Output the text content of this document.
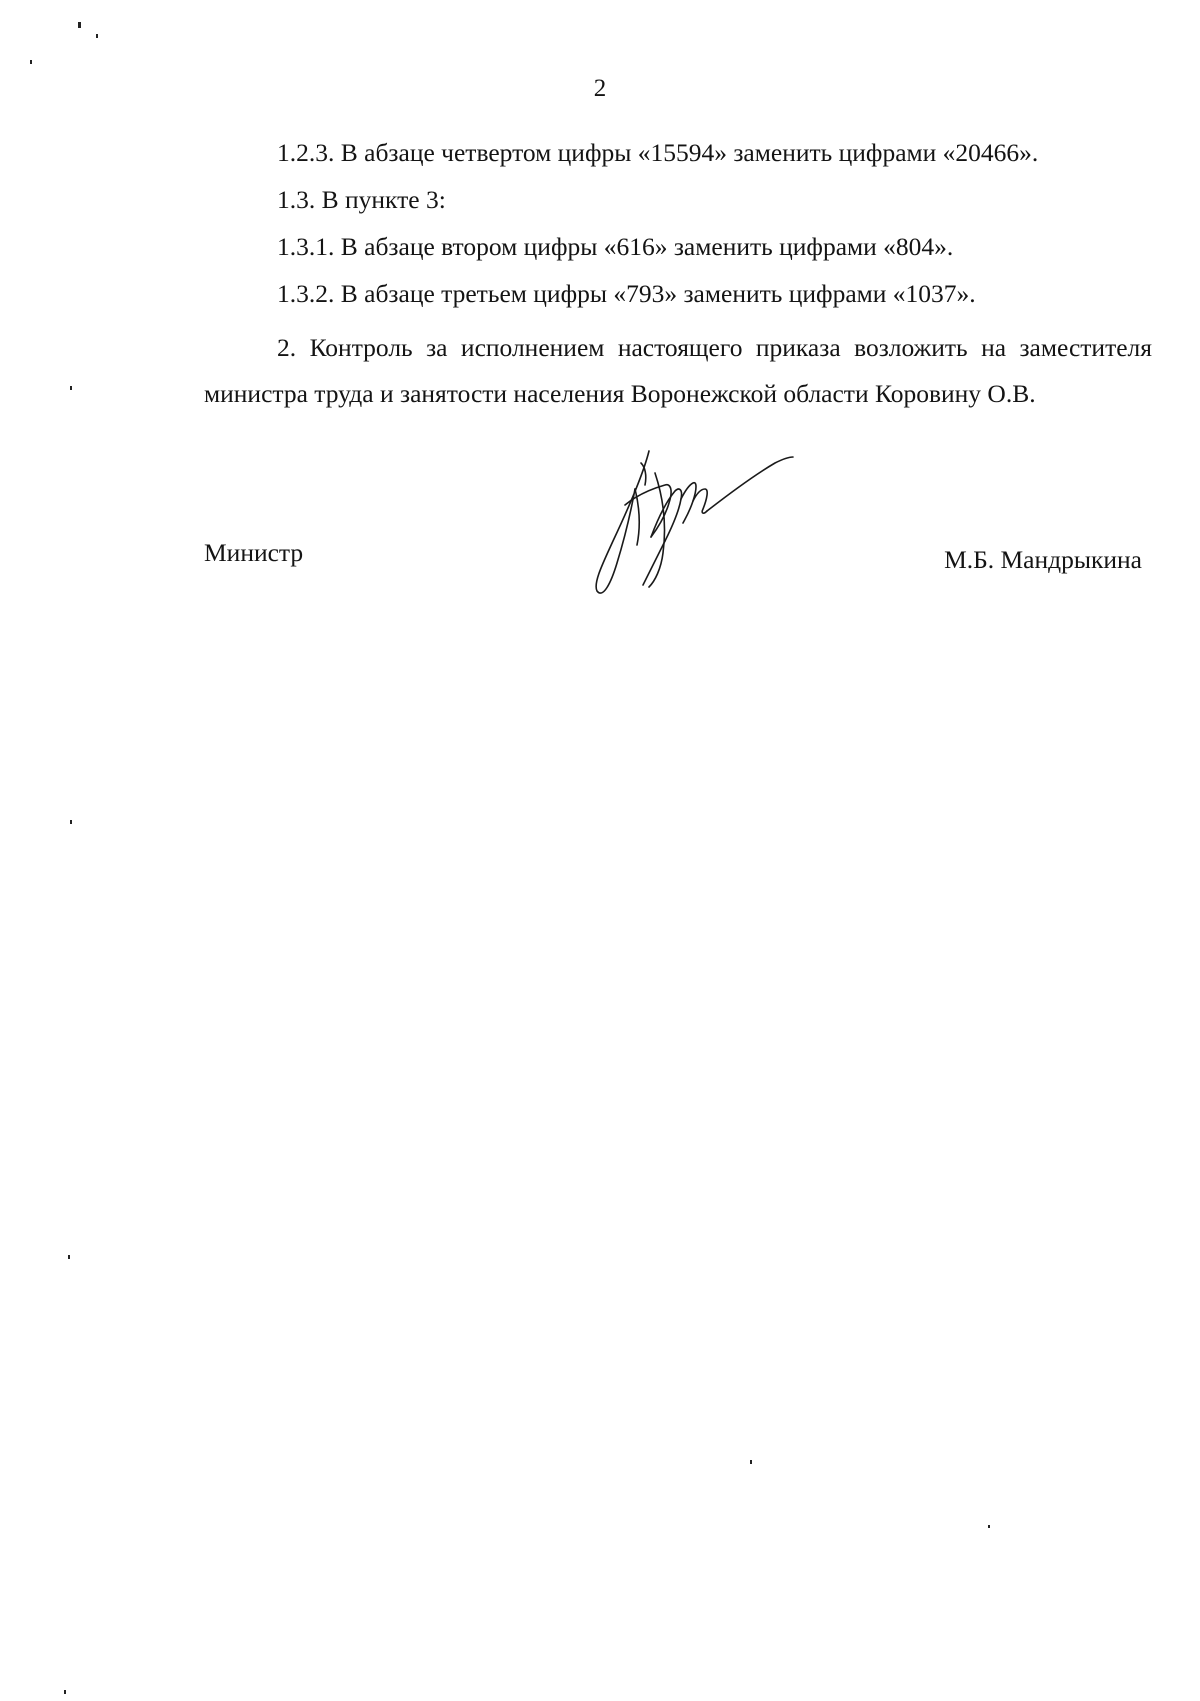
2
1.2.3. В абзаце четвертом цифры «15594» заменить цифрами «20466».
1.3. В пункте 3:
1.3.1. В абзаце втором цифры «616» заменить цифрами «804».
1.3.2. В абзаце третьем цифры «793» заменить цифрами «1037».
2. Контроль за исполнением настоящего приказа возложить на заместителя министра труда и занятости населения Воронежской области Коровину О.В.
Министр	М.Б. Мандрыкина
